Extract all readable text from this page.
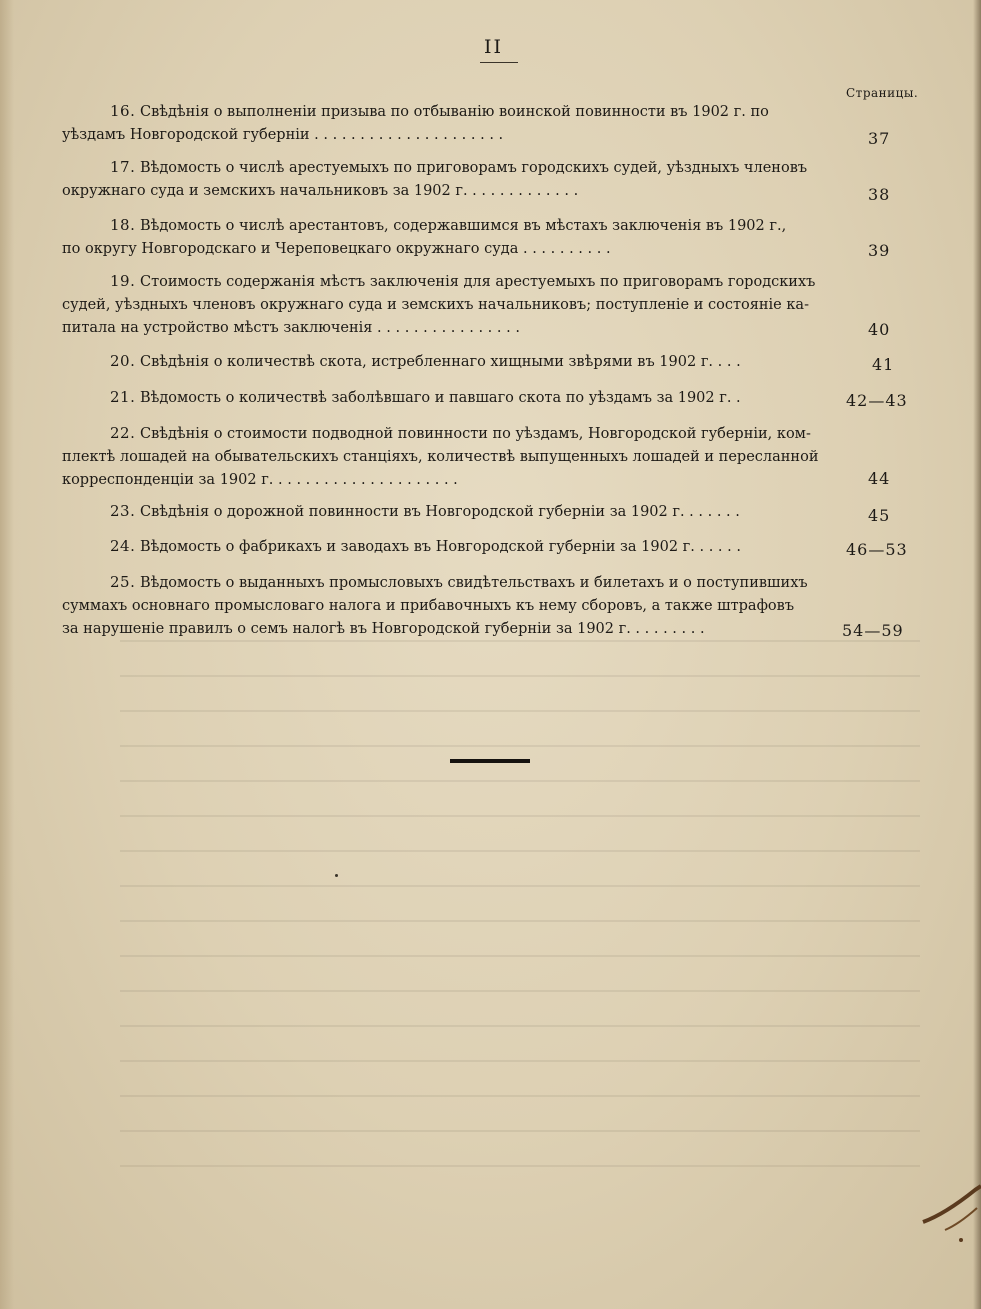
II
Страницы.
16. Свѣдѣнія о выполненіи призыва по отбыванію воинской повинности въ 1902 г. по
уѣздамъ Новгородской губерніи . . . . . . . . . . . . . . . . . . . . .	37
17. Вѣдомость о числѣ арестуемыхъ по приговорамъ городскихъ судей, уѣздныхъ членовъ
окружнаго суда и земскихъ начальниковъ за 1902 г. . . . . . . . . . . . .	38
18. Вѣдомость о числѣ арестантовъ, содержавшимся въ мѣстахъ заключенія въ 1902 г.,
по округу Новгородскаго и Череповецкаго окружнаго суда . . . . . . . . . .	39
19. Стоимость содержанія мѣстъ заключенія для арестуемыхъ по приговорамъ городскихъ
судей, уѣздныхъ членовъ окружнаго суда и земскихъ начальниковъ; поступленіе и состояніе ка-
питала на устройство мѣстъ заключенія . . . . . . . . . . . . . . . .	40
20. Свѣдѣнія о количествѣ скота, истребленнаго хищными звѣрями въ 1902 г. . . .	41
21. Вѣдомость о количествѣ заболѣвшаго и павшаго скота по уѣздамъ за 1902 г. .	42—43
22. Свѣдѣнія о стоимости подводной повинности по уѣздамъ, Новгородской губерніи, ком-
плектѣ лошадей на обывательскихъ станціяхъ, количествѣ выпущенныхъ лошадей и пересланной
корреспонденціи за 1902 г. . . . . . . . . . . . . . . . . . . . .	44
23. Свѣдѣнія о дорожной повинности въ Новгородской губерніи за 1902 г. . . . . . .	45
24. Вѣдомость о фабрикахъ и заводахъ въ Новгородской губерніи за 1902 г. . . . . .	46—53
25. Вѣдомость о выданныхъ промысловыхъ свидѣтельствахъ и билетахъ и о поступившихъ
суммахъ основнаго промысловаго налога и прибавочныхъ къ нему сборовъ, а также штрафовъ
за нарушеніе правилъ о семъ налогѣ въ Новгородской губерніи за 1902 г. . . . . . . . .	54—59
